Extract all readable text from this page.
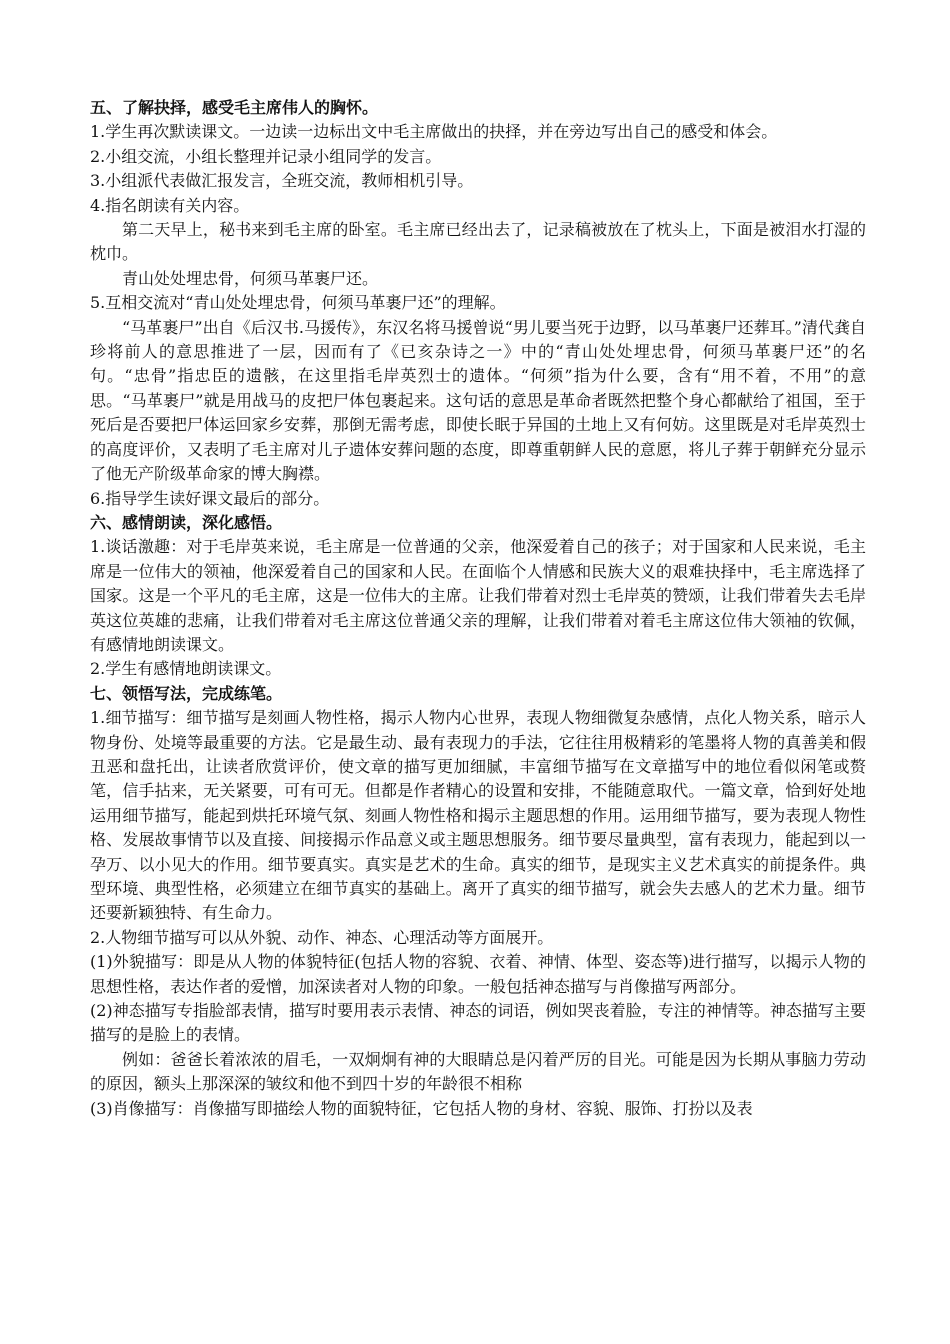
五、了解抉择，感受毛主席伟人的胸怀。

1.学生再次默读课文。一边读一边标出文中毛主席做出的抉择，并在旁边写出自己的感受和体会。

2.小组交流，小组长整理并记录小组同学的发言。

3.小组派代表做汇报发言，全班交流，教师相机引导。

4.指名朗读有关内容。

第二天早上，秘书来到毛主席的卧室。毛主席已经出去了，记录稿被放在了枕头上，下面是被泪水打湿的枕巾。

青山处处埋忠骨，何须马革裹尸还。

5.互相交流对“青山处处埋忠骨，何须马革裹尸还”的理解。

“马革裹尸”出自《后汉书.马援传》，东汉名将马援曾说“男儿要当死于边野，以马革裹尸还葬耳。”清代龚自珍将前人的意思推进了一层，因而有了《已亥杂诗之一》中的“青山处处埋忠骨，何须马革裹尸还”的名句。“忠骨”指忠臣的遗骸，在这里指毛岸英烈士的遗体。“何须”指为什么要，含有“用不着，不用”的意思。“马革裹尸”就是用战马的皮把尸体包裹起来。这句话的意思是革命者既然把整个身心都献给了祖国，至于死后是否要把尸体运回家乡安葬，那倒无需考虑，即使长眠于异国的土地上又有何妨。这里既是对毛岸英烈士的高度评价，又表明了毛主席对儿子遗体安葬问题的态度，即尊重朝鲜人民的意愿，将儿子葬于朝鲜充分显示了他无产阶级革命家的博大胸襟。

6.指导学生读好课文最后的部分。

六、感情朗读，深化感悟。

1.谈话激趣：对于毛岸英来说，毛主席是一位普通的父亲，他深爱着自己的孩子；对于国家和人民来说，毛主席是一位伟大的领袖，他深爱着自己的国家和人民。在面临个人情感和民族大义的艰难抉择中，毛主席选择了国家。这是一个平凡的毛主席，这是一位伟大的主席。让我们带着对烈士毛岸英的赞颂，让我们带着失去毛岸英这位英雄的悲痛，让我们带着对毛主席这位普通父亲的理解，让我们带着对着毛主席这位伟大领袖的钦佩，有感情地朗读课文。

2.学生有感情地朗读课文。

七、领悟写法，完成练笔。

1.细节描写：细节描写是刻画人物性格，揭示人物内心世界，表现人物细微复杂感情，点化人物关系，暗示人物身份、处境等最重要的方法。它是最生动、最有表现力的手法，它往往用极精彩的笔墨将人物的真善美和假丑恶和盘托出，让读者欣赏评价，使文章的描写更加细腻，丰富细节描写在文章描写中的地位看似闲笔或赘笔，信手拈来，无关紧要，可有可无。但都是作者精心的设置和安排，不能随意取代。一篇文章，恰到好处地运用细节描写，能起到烘托环境气氛、刻画人物性格和揭示主题思想的作用。运用细节描写，要为表现人物性格、发展故事情节以及直接、间接揭示作品意义或主题思想服务。细节要尽量典型，富有表现力，能起到以一孕万、以小见大的作用。细节要真实。真实是艺术的生命。真实的细节，是现实主义艺术真实的前提条件。典型环境、典型性格，必须建立在细节真实的基础上。离开了真实的细节描写，就会失去感人的艺术力量。细节还要新颖独特、有生命力。

2.人物细节描写可以从外貌、动作、神态、心理活动等方面展开。

(1)外貌描写：即是从人物的体貌特征(包括人物的容貌、衣着、神情、体型、姿态等)进行描写，以揭示人物的思想性格，表达作者的爱憎，加深读者对人物的印象。一般包括神态描写与肖像描写两部分。

(2)神态描写专指脸部表情，描写时要用表示表情、神态的词语，例如哭丧着脸，专注的神情等。神态描写主要描写的是脸上的表情。

例如：爸爸长着浓浓的眉毛，一双炯炯有神的大眼睛总是闪着严厉的目光。可能是因为长期从事脑力劳动的原因，额头上那深深的皱纹和他不到四十岁的年龄很不相称

(3)肖像描写：肖像描写即描绘人物的面貌特征，它包括人物的身材、容貌、服饰、打扮以及表
